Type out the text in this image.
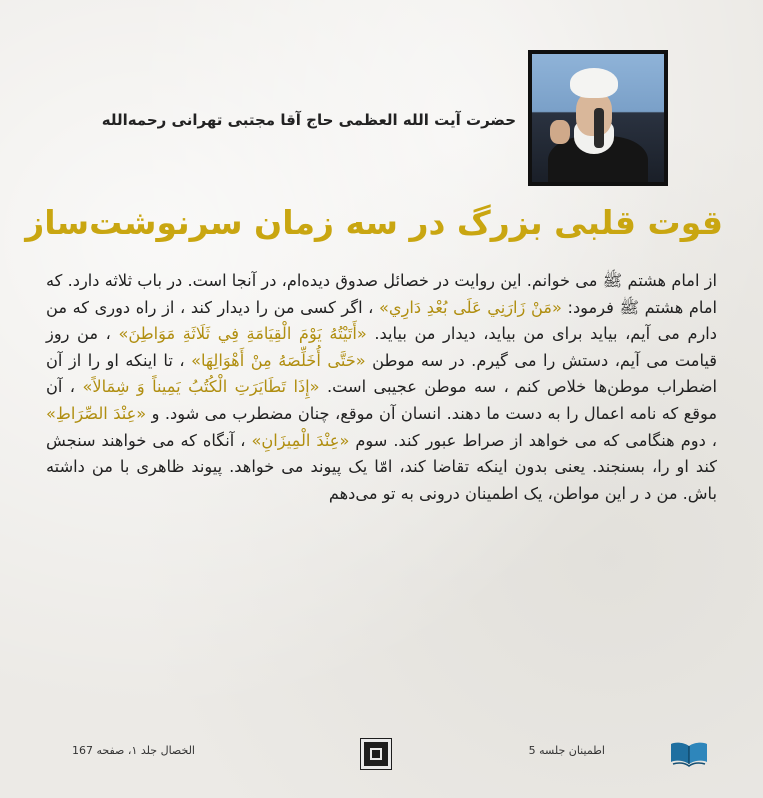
حضرت آیت الله العظمی حاج آقا مجتبی تهرانی رحمه‌الله
قوت قلبی بزرگ در سه زمان سرنوشت‌ساز

از امام هشتم ﷺ می خوانم. این روایت در خصائل صدوق دیده‌ام، در آنجا است. در باب ثلاثه دارد. که امام هشتم ﷺ فرمود: «مَنْ زَارَنِي عَلَى بُعْدِ دَارِي» ، اگر کسی من را دیدار کند ، از راه دوری که من دارم می آیم، بیاید برای من بیاید، دیدار من بیاید. «أَتَيْتُهُ يَوْمَ الْقِيَامَةِ فِي ثَلَاثَةِ مَوَاطِنَ» ، من روز قیامت می آیم، دستش را می گیرم. در سه موطن «حَتَّى أُخَلِّصَهُ مِنْ أَهْوَالِهَا» ، تا اینکه او را از آن اضطراب موطن‌ها خلاص کنم ، سه موطن عجیبی است. «إِذَا تَطَايَرَتِ الْكُتُبُ يَمِيناً وَ شِمَالاً» ، آن موقع که نامه اعمال را به دست ما دهند. انسان آن موقع، چنان مضطرب می شود. و «عِنْدَ الصِّرَاطِ» ، دوم هنگامی که می خواهد از صراط عبور کند. سوم «عِنْدَ الْمِيزَانِ» ، آنگاه که می خواهند سنجش کند او را، بسنجند. یعنی بدون اینکه تقاضا کند، امّا یک پیوند می خواهد. پیوند ظاهری با من داشته باش. من د ر این مواطن، یک اطمینان درونی به تو می‌دهم

الخصال جلد ۱، صفحه 167	اطمینان جلسه 5
